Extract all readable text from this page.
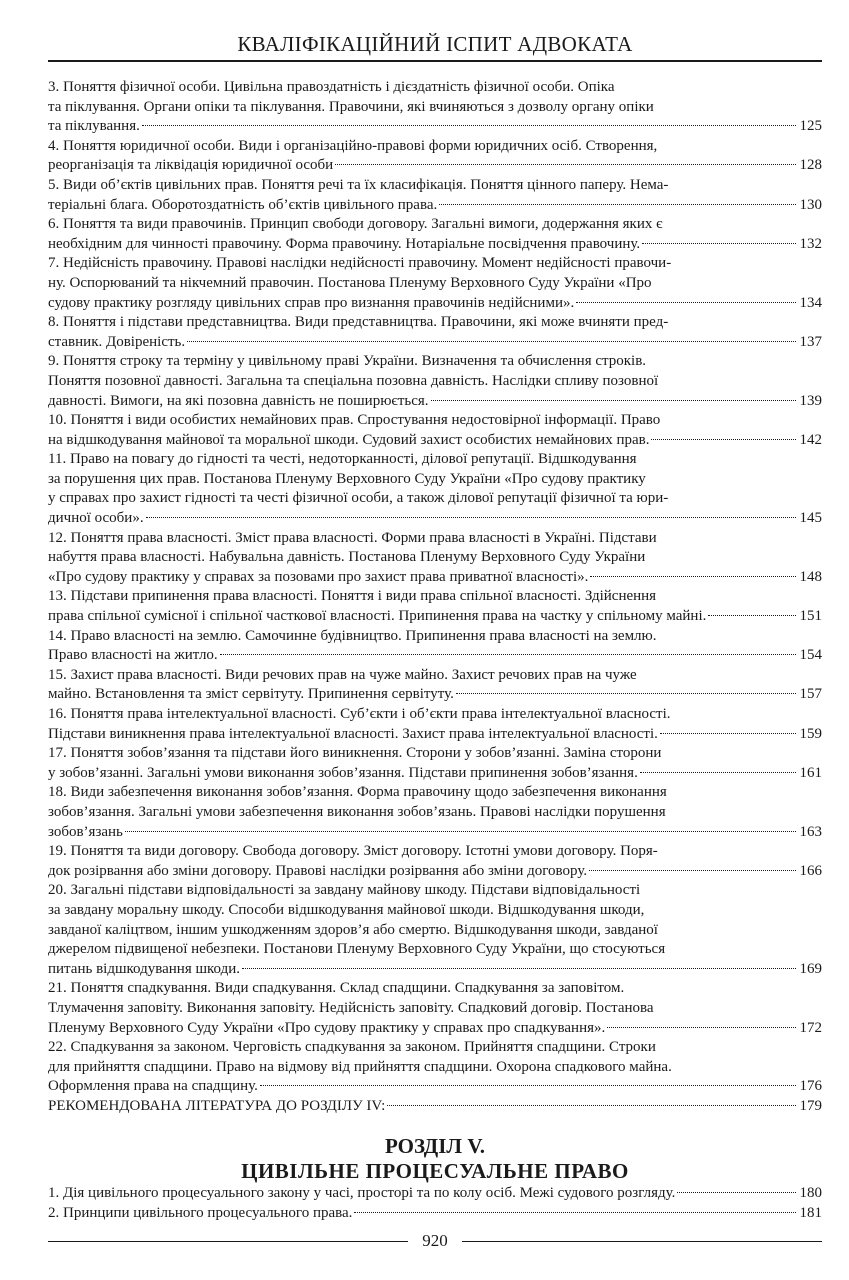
КВАЛІФІКАЦІЙНИЙ ІСПИТ АДВОКАТА
3. Поняття фізичної особи. Цивільна правоздатність і дієздатність фізичної особи. Опіка
та піклування. Органи опіки та піклування. Правочини, які вчиняються з дозволу органу опіки
та піклування.	125
4. Поняття юридичної особи. Види і організаційно-правові форми юридичних осіб. Створення,
реорганізація та ліквідація юридичної особи	128
5. Види об’єктів цивільних прав. Поняття речі та їх класифікація. Поняття цінного паперу. Нема-
теріальні блага. Оборотоздатність об’єктів цивільного права.	130
6. Поняття та види правочинів. Принцип свободи договору. Загальні вимоги, додержання яких є
необхідним для чинності правочину. Форма правочину. Нотаріальне посвідчення правочину.	132
7. Недійсність правочину. Правові наслідки недійсності правочину. Момент недійсності правочи-
ну. Оспорюваний та нікчемний правочин. Постанова Пленуму Верховного Суду України «Про
судову практику розгляду цивільних справ про визнання правочинів недійсними».	134
8. Поняття і підстави представництва. Види представництва. Правочини, які може вчиняти пред-
ставник. Довіреність.	137
9. Поняття строку та терміну у цивільному праві України. Визначення та обчислення строків.
Поняття позовної давності. Загальна та спеціальна позовна давність. Наслідки спливу позовної
давності. Вимоги, на які позовна давність не поширюється.	139
10. Поняття і види особистих немайнових прав. Спростування недостовірної інформації. Право
на відшкодування майнової та моральної шкоди. Судовий захист особистих немайнових прав.	142
11. Право на повагу до гідності та честі, недоторканності, ділової репутації. Відшкодування
за порушення цих прав. Постанова Пленуму Верховного Суду України «Про судову практику
у справах про захист гідності та честі фізичної особи, а також ділової репутації фізичної та юри-
дичної особи».	145
12. Поняття права власності. Зміст права власності. Форми права власності в Україні. Підстави
набуття права власності. Набувальна давність. Постанова Пленуму Верховного Суду України
«Про судову практику у справах за позовами про захист права приватної власності».	148
13. Підстави припинення права власності. Поняття і види права спільної власності. Здійснення
права спільної сумісної і спільної часткової власності. Припинення права на частку у спільному майні.	151
14. Право власності на землю. Самочинне будівництво. Припинення права власності на землю.
Право власності на житло.	154
15. Захист права власності. Види речових прав на чуже майно. Захист речових прав на чуже
майно. Встановлення та зміст сервітуту. Припинення сервітуту.	157
16. Поняття права інтелектуальної власності. Суб’єкти і об’єкти права інтелектуальної власності.
Підстави виникнення права інтелектуальної власності. Захист права інтелектуальної власності.	159
17. Поняття зобов’язання та підстави його виникнення. Сторони у зобов’язанні. Заміна сторони
у зобов’язанні. Загальні умови виконання зобов’язання. Підстави припинення зобов’язання.	161
18. Види забезпечення виконання зобов’язання. Форма правочину щодо забезпечення виконання
зобов’язання. Загальні умови забезпечення виконання зобов’язань. Правові наслідки порушення
зобов’язань	163
19. Поняття та види договору. Свобода договору. Зміст договору. Істотні умови договору. Поря-
док розірвання або зміни договору. Правові наслідки розірвання або зміни договору.	166
20. Загальні підстави відповідальності за завдану майнову шкоду. Підстави відповідальності
за завдану моральну шкоду. Способи відшкодування майнової шкоди. Відшкодування шкоди,
завданої каліцтвом, іншим ушкодженням здоров’я або смертю. Відшкодування шкоди, завданої
джерелом підвищеної небезпеки. Постанови Пленуму Верховного Суду України, що стосуються
питань відшкодування шкоди.	169
21. Поняття спадкування. Види спадкування. Склад спадщини. Спадкування за заповітом.
Тлумачення заповіту. Виконання заповіту. Недійсність заповіту. Спадковий договір. Постанова
Пленуму Верховного Суду України «Про судову практику у справах про спадкування».	172
22. Спадкування за законом. Черговість спадкування за законом. Прийняття спадщини. Строки
для прийняття спадщини. Право на відмову від прийняття спадщини. Охорона спадкового майна.
Оформлення права на спадщину.	176
РЕКОМЕНДОВАНА ЛІТЕРАТУРА ДО РОЗДІЛУ IV:	179
РОЗДІЛ V.
ЦИВІЛЬНЕ ПРОЦЕСУАЛЬНЕ ПРАВО
1. Дія цивільного процесуального закону у часі, просторі та по колу осіб. Межі судового розгляду.	180
2. Принципи цивільного процесуального права.	181
920
